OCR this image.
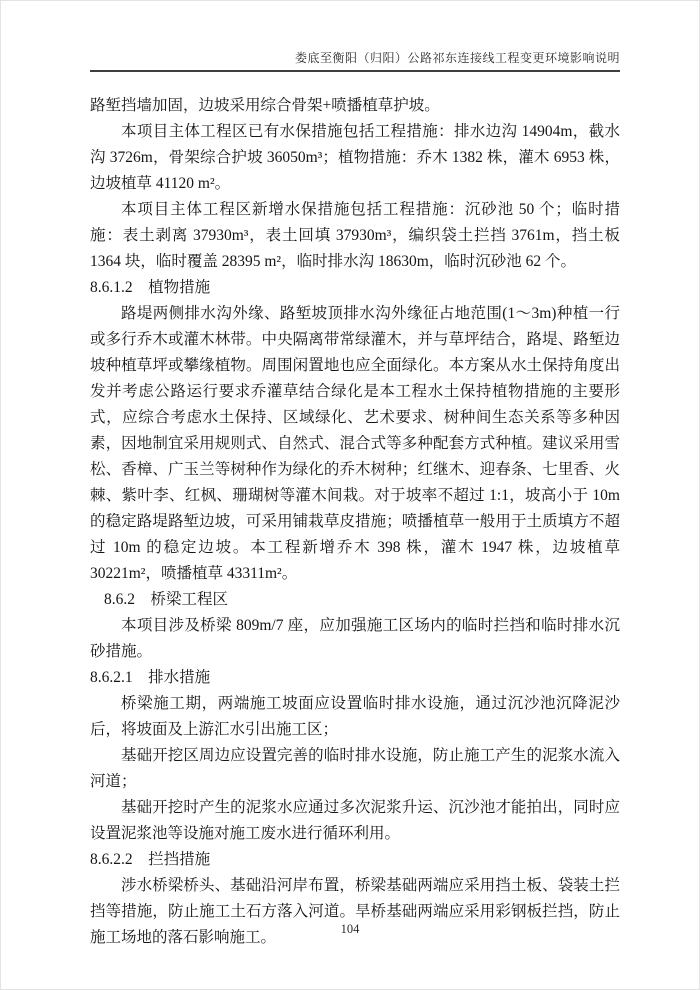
娄底至衡阳（归阳）公路祁东连接线工程变更环境影响说明

路堑挡墙加固，边坡采用综合骨架+喷播植草护坡。

本项目主体工程区已有水保措施包括工程措施：排水边沟 14904m，截水沟 3726m，骨架综合护坡 36050m³；植物措施：乔木 1382 株，灌木 6953 株，边坡植草 41120 m²。

本项目主体工程区新增水保措施包括工程措施：沉砂池 50 个；临时措施：表土剥离 37930m³，表土回填 37930m³，编织袋土拦挡 3761m，挡土板 1364 块，临时覆盖 28395 m²，临时排水沟 18630m，临时沉砂池 62 个。

8.6.1.2　植物措施

路堤两侧排水沟外缘、路堑坡顶排水沟外缘征占地范围(1～3m)种植一行或多行乔木或灌木林带。中央隔离带常绿灌木，并与草坪结合，路堤、路堑边坡种植草坪或攀缘植物。周围闲置地也应全面绿化。本方案从水土保持角度出发并考虑公路运行要求乔灌草结合绿化是本工程水土保持植物措施的主要形式，应综合考虑水土保持、区域绿化、艺术要求、树种间生态关系等多种因素，因地制宜采用规则式、自然式、混合式等多种配套方式种植。建议采用雪松、香樟、广玉兰等树种作为绿化的乔木树种；红继木、迎春条、七里香、火棘、紫叶李、红枫、珊瑚树等灌木间栽。对于坡率不超过 1:1，坡高小于 10m 的稳定路堤路堑边坡，可采用铺栽草皮措施；喷播植草一般用于土质填方不超过 10m 的稳定边坡。本工程新增乔木 398 株，灌木 1947 株，边坡植草 30221m²，喷播植草 43311m²。

8.6.2　桥梁工程区

本项目涉及桥梁 809m/7 座，应加强施工区场内的临时拦挡和临时排水沉砂措施。

8.6.2.1　排水措施

桥梁施工期，两端施工坡面应设置临时排水设施，通过沉沙池沉降泥沙后，将坡面及上游汇水引出施工区；

基础开挖区周边应设置完善的临时排水设施，防止施工产生的泥浆水流入河道；

基础开挖时产生的泥浆水应通过多次泥浆升运、沉沙池才能拍出，同时应设置泥浆池等设施对施工废水进行循环利用。

8.6.2.2　拦挡措施

涉水桥梁桥头、基础沿河岸布置，桥梁基础两端应采用挡土板、袋装土拦挡等措施，防止施工土石方落入河道。旱桥基础两端应采用彩钢板拦挡，防止施工场地的落石影响施工。	104
